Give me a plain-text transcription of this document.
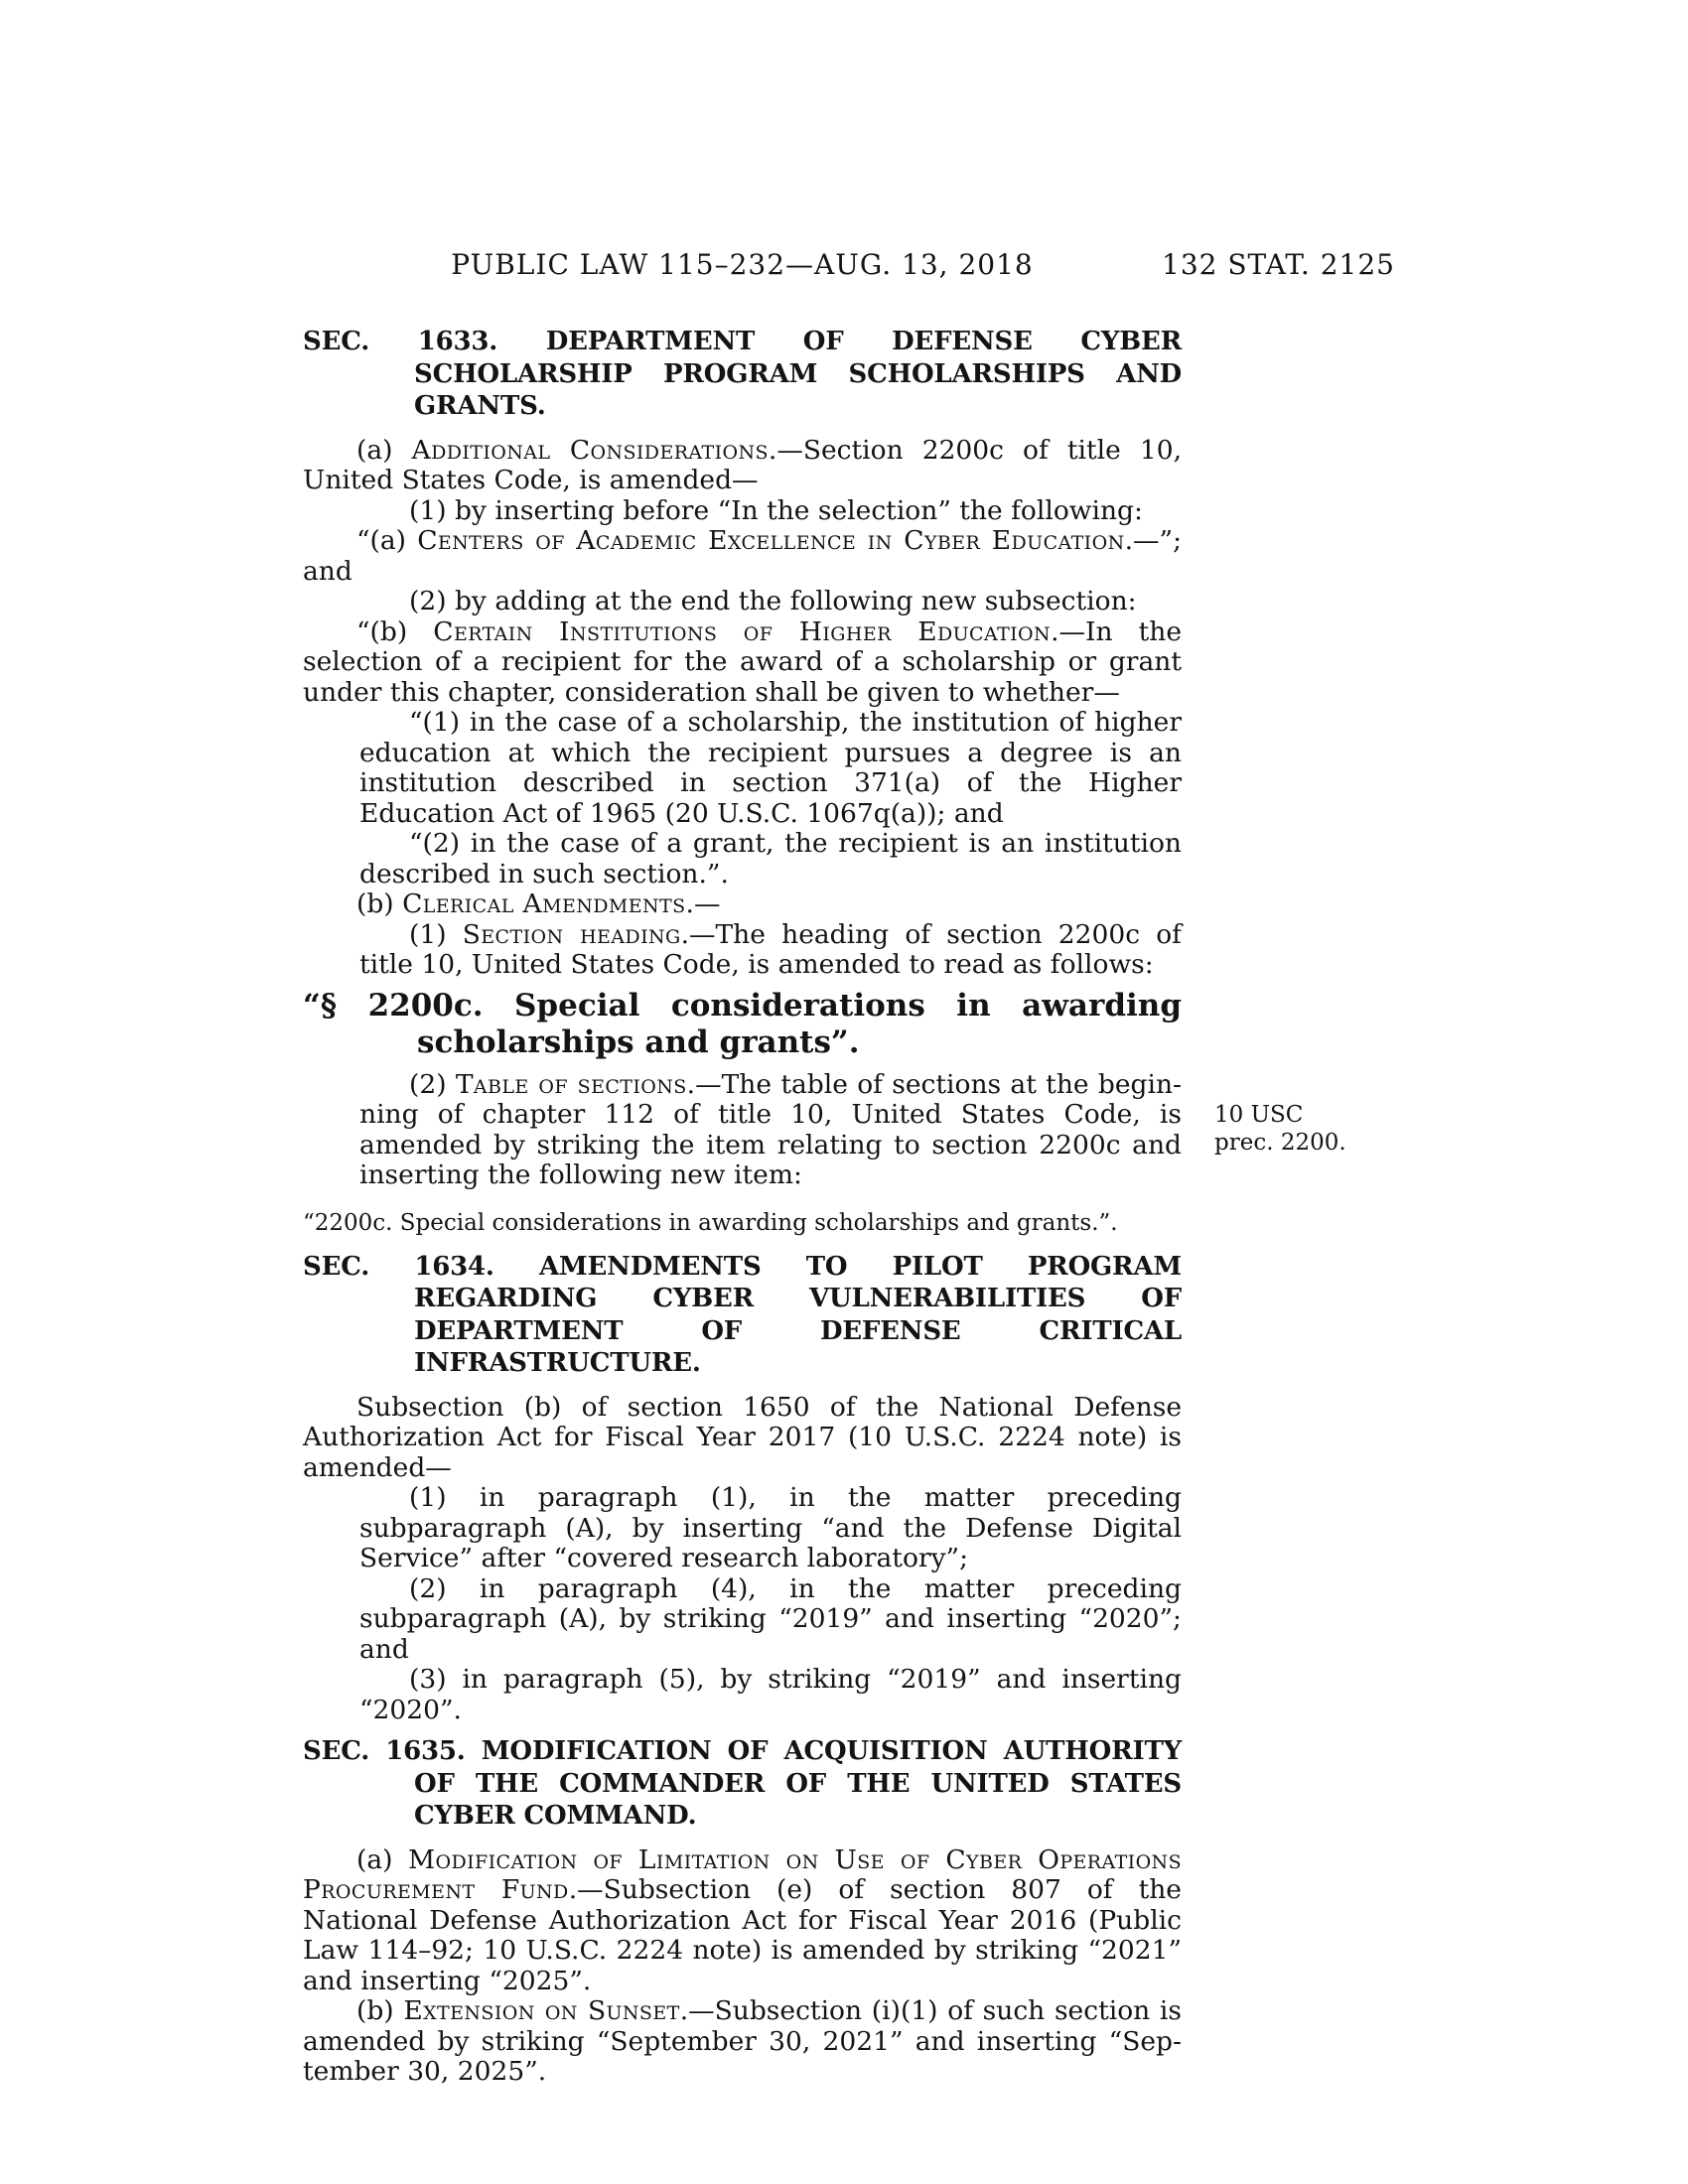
PUBLIC LAW 115–232—AUG. 13, 2018	132 STAT. 2125
SEC. 1633. DEPARTMENT OF DEFENSE CYBER SCHOLARSHIP PROGRAM SCHOLARSHIPS AND GRANTS.
(a) Additional Considerations.—Section 2200c of title 10, United States Code, is amended—
(1) by inserting before “In the selection” the following:
“(a) Centers of Academic Excellence in Cyber Education.—”; and
(2) by adding at the end the following new subsection:
“(b) Certain Institutions of Higher Education.—In the selection of a recipient for the award of a scholarship or grant under this chapter, consideration shall be given to whether—
“(1) in the case of a scholarship, the institution of higher education at which the recipient pursues a degree is an institution described in section 371(a) of the Higher Education Act of 1965 (20 U.S.C. 1067q(a)); and
“(2) in the case of a grant, the recipient is an institution described in such section.”.
(b) Clerical Amendments.—
(1) Section heading.—The heading of section 2200c of title 10, United States Code, is amended to read as follows:
“§ 2200c. Special considerations in awarding scholarships and grants”.
(2) Table of sections.—The table of sections at the beginning of chapter 112 of title 10, United States Code, is amended by striking the item relating to section 2200c and inserting the following new item:
10 USC
prec. 2200.
“2200c. Special considerations in awarding scholarships and grants.”.
SEC. 1634. AMENDMENTS TO PILOT PROGRAM REGARDING CYBER VULNERABILITIES OF DEPARTMENT OF DEFENSE CRITICAL INFRASTRUCTURE.
Subsection (b) of section 1650 of the National Defense Authorization Act for Fiscal Year 2017 (10 U.S.C. 2224 note) is amended—
(1) in paragraph (1), in the matter preceding subparagraph (A), by inserting “and the Defense Digital Service” after “covered research laboratory”;
(2) in paragraph (4), in the matter preceding subparagraph (A), by striking “2019” and inserting “2020”; and
(3) in paragraph (5), by striking “2019” and inserting “2020”.
SEC. 1635. MODIFICATION OF ACQUISITION AUTHORITY OF THE COMMANDER OF THE UNITED STATES CYBER COMMAND.
(a) Modification of Limitation on Use of Cyber Operations Procurement Fund.—Subsection (e) of section 807 of the National Defense Authorization Act for Fiscal Year 2016 (Public Law 114–92; 10 U.S.C. 2224 note) is amended by striking “2021” and inserting “2025”.
(b) Extension on Sunset.—Subsection (i)(1) of such section is amended by striking “September 30, 2021” and inserting “September 30, 2025”.
